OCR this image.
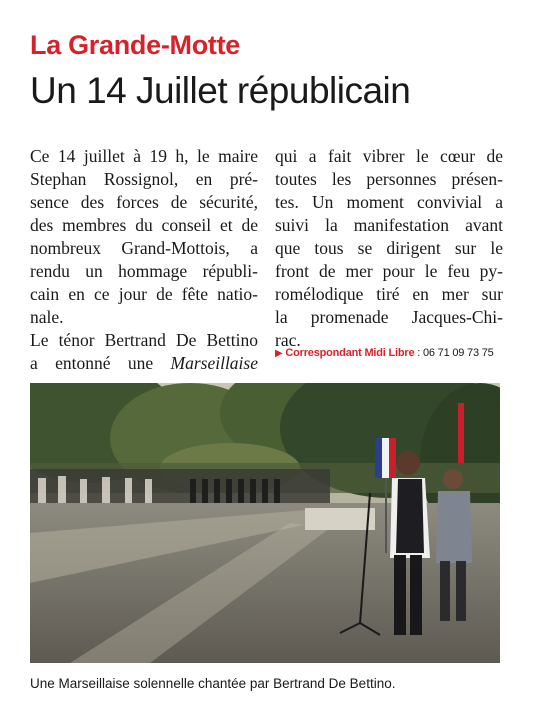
La Grande-Motte
Un 14 Juillet républicain
Ce 14 juillet à 19 h, le maire
Stephan Rossignol, en pré-
sence des forces de sécurité,
des membres du conseil et de
nombreux Grand-Mottois, a
rendu un hommage républi-
cain en ce jour de fête natio-
nale.
Le ténor Bertrand De Bettino
a entonné une Marseillaise
qui a fait vibrer le cœur de
toutes les personnes présen-
tes. Un moment convivial a
suivi la manifestation avant
que tous se dirigent sur le
front de mer pour le feu py-
romélodique tiré en mer sur
la promenade Jacques-Chi-
rac.
▶ Correspondant Midi Libre : 06 71 09 73 75
Une Marseillaise solennelle chantée par Bertrand De Bettino.
